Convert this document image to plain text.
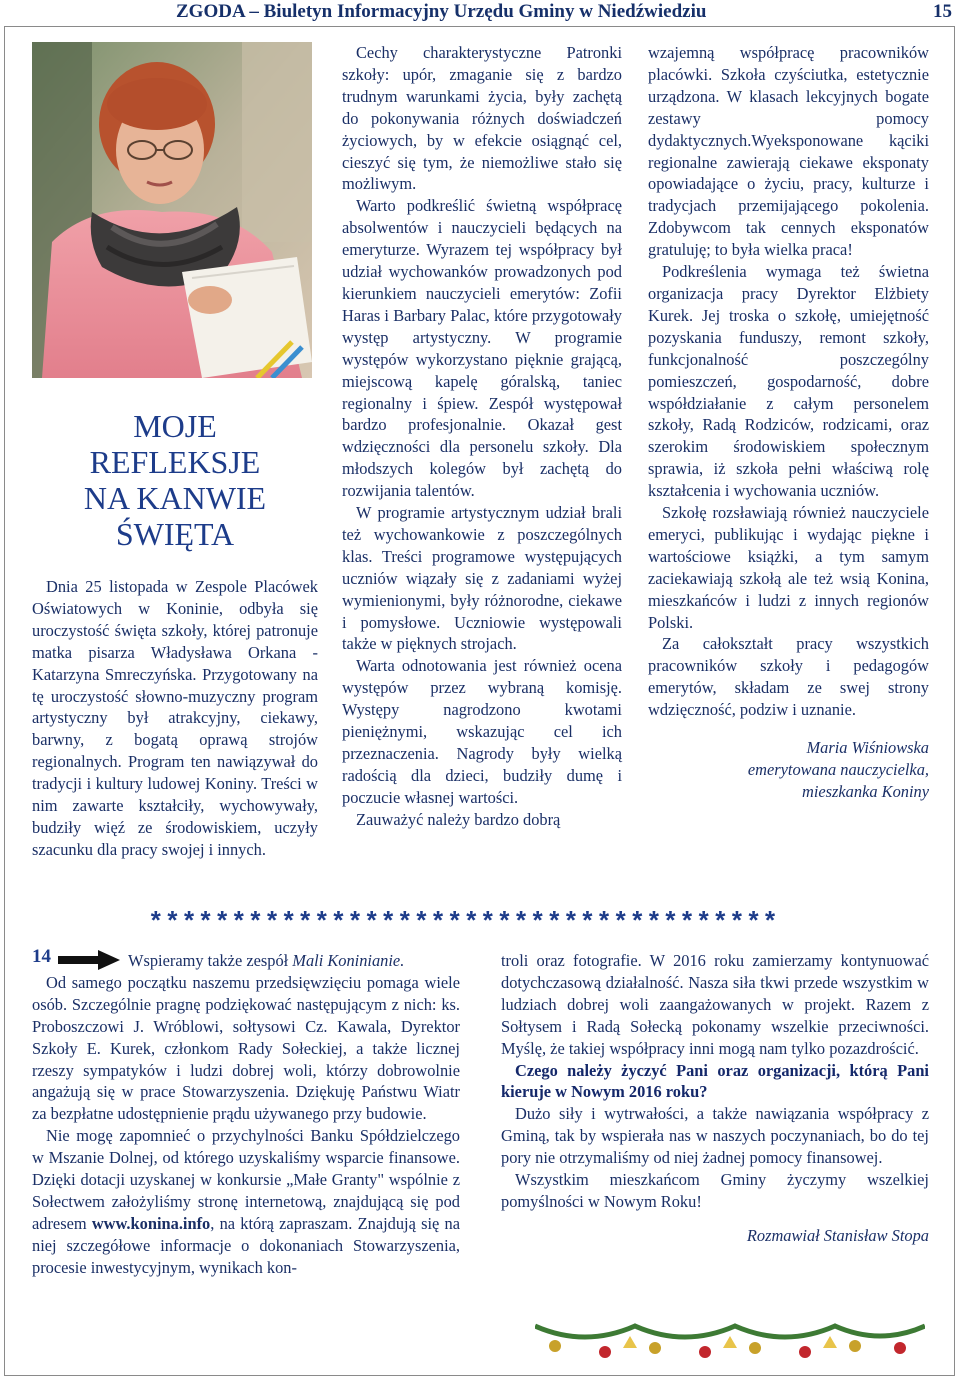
ZGODA – Biuletyn Informacyjny Urzędu Gminy w Niedźwiedziu	15
MOJE
REFLEKSJE
NA KANWIE
ŚWIĘTA

Dnia 25 listopada w Zespole Placówek Oświatowych w Koninie, odbyła się uroczystość święta szkoły, której patronuje matka pisarza Władysława Orkana - Katarzyna Smreczyńska. Przygotowany na tę uroczystość słowno-muzyczny program artystyczny był atrakcyjny, ciekawy, barwny, z bogatą oprawą strojów regionalnych. Program ten nawiązywał do tradycji i kultury ludowej Koniny. Treści w nim zawarte kształciły, wychowywały, budziły więź ze środowiskiem, uczyły szacunku dla pracy swojej i innych.

Cechy charakterystyczne Patronki szkoły: upór, zmaganie się z bardzo trudnym warunkami życia, były zachętą do pokonywania różnych doświadczeń życiowych, by w efekcie osiągnąć cel, cieszyć się tym, że niemożliwe stało się możliwym.

Warto podkreślić świetną współpracę absolwentów i nauczycieli będących na emeryturze. Wyrazem tej współpracy był udział wychowanków prowadzonych pod kierunkiem nauczycieli emerytów: Zofii Haras i Barbary Palac, które przygotowały występ artystyczny. W programie występów wykorzystano pięknie grającą, miejscową kapelę góralską, taniec regionalny i śpiew. Zespół występował bardzo profesjonalnie. Okazał gest wdzięczności dla personelu szkoły. Dla młodszych kolegów był zachętą do rozwijania talentów.

W programie artystycznym udział brali też wychowankowie z poszczególnych klas. Treści programowe występujących uczniów wiązały się z zadaniami wyżej wymienionymi, były różnorodne, ciekawe i pomysłowe. Uczniowie występowali także w pięknych strojach.

Warta odnotowania jest również ocena występów przez wybraną komisję. Występy nagrodzono kwotami pieniężnymi, wskazując cel ich przeznaczenia. Nagrody były wielką radością dla dzieci, budziły dumę i poczucie własnej wartości.

Zauważyć należy bardzo dobrą

wzajemną współpracę pracowników placówki. Szkoła czyściutka, estetycznie urządzona. W klasach lekcyjnych bogate zestawy pomocy dydaktycznych.Wyeksponowane kąciki regionalne zawierają ciekawe eksponaty opowiadające o życiu, pracy, kulturze i tradycjach przemijającego pokolenia. Zdobywcom tak cennych eksponatów gratuluję; to była wielka praca!

Podkreślenia wymaga też świetna organizacja pracy Dyrektor Elżbiety Kurek. Jej troska o szkołę, umiejętność pozyskania funduszy, remont szkoły, funkcjonalność poszczególny pomieszczeń, gospodarność, dobre współdziałanie z całym personelem szkoły, Radą Rodziców, rodzicami, oraz szerokim środowiskiem społecznym sprawia, iż szkoła pełni właściwą rolę kształcenia i wychowania uczniów.

Szkołę rozsławiają również nauczyciele emeryci, publikując i wydając piękne i wartościowe książki, a tym samym zaciekawiają szkołą ale też wsią Konina, mieszkańców i ludzi z innych regionów Polski.

Za całokształt pracy wszystkich pracowników szkoły i pedagogów emerytów, składam ze swej strony wdzięczność, podziw i uznanie.

Maria Wiśniowska
emerytowana nauczycielka,
mieszkanka Koniny
**************************************
14	Wspieramy także zespół Mali Koninianie.

Od samego początku naszemu przedsięwzięciu pomaga wiele osób. Szczególnie pragnę podziękować następującym z nich: ks. Proboszczowi J. Wróblowi, sołtysowi Cz. Kawala, Dyrektor Szkoły E. Kurek, członkom Rady Sołeckiej, a także licznej rzeszy sympatyków i ludzi dobrej woli, którzy dobrowolnie angażują się w prace Stowarzyszenia. Dziękuję Państwu Wiatr za bezpłatne udostępnienie prądu używanego przy budowie.

Nie mogę zapomnieć o przychylności Banku Spółdzielczego w Mszanie Dolnej, od którego uzyskaliśmy wsparcie finansowe. Dzięki dotacji uzyskanej w konkursie „Małe Granty" wspólnie z Sołectwem założyliśmy stronę internetową, znajdującą się pod adresem www.konina.info, na którą zapraszam. Znajdują się na niej szczegółowe informacje o dokonaniach Stowarzyszenia, procesie inwestycyjnym, wynikach kon-

troli oraz fotografie. W 2016 roku zamierzamy kontynuować dotychczasową działalność. Nasza siła tkwi przede wszystkim w ludziach dobrej woli zaangażowanych w projekt. Razem z Sołtysem i Radą Sołecką pokonamy wszelkie przeciwności. Myślę, że takiej współpracy inni mogą nam tylko pozazdrościć.

Czego należy życzyć Pani oraz organizacji, którą Pani kieruje w Nowym 2016 roku?

Dużo siły i wytrwałości, a także nawiązania współpracy z Gminą, tak by wspierała nas w naszych poczynaniach, bo do tej pory nie otrzymaliśmy od niej żadnej pomocy finansowej.

Wszystkim mieszkańcom Gminy życzymy wszelkiej pomyślności w Nowym Roku!

Rozmawiał Stanisław Stopa
